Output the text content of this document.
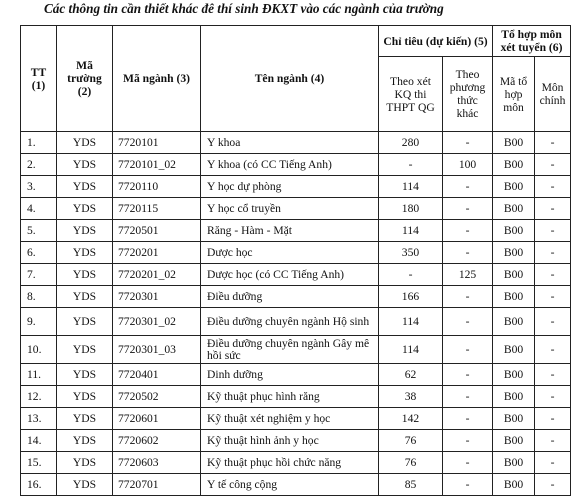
Các thông tin cần thiết khác đê thí sinh ĐKXT vào các ngành của trường
TT (1)	Mã trường (2)	Mã ngành (3)	Tên ngành (4)	Chỉ tiêu (dự kiến) (5)		Tổ hợp môn xét tuyển (6)	
				Theo xét KQ thi THPT QG	Theo phương thức khác	Mã tổ hợp môn	Môn chính
1.	YDS	7720101	Y khoa	280	-	B00	-
2.	YDS	7720101_02	Y khoa (có CC Tiếng Anh)	-	100	B00	-
3.	YDS	7720110	Y học dự phòng	114	-	B00	-
4.	YDS	7720115	Y học cổ truyền	180	-	B00	-
5.	YDS	7720501	Răng - Hàm - Mặt	114	-	B00	-
6.	YDS	7720201	Dược học	350	-	B00	-
7.	YDS	7720201_02	Dược học (có CC Tiếng Anh)	-	125	B00	-
8.	YDS	7720301	Điều dưỡng	166	-	B00	-
9.	YDS	7720301_02	Điều dưỡng chuyên ngành Hộ sinh	114	-	B00	-
10.	YDS	7720301_03	Điều dưỡng chuyên ngành Gây mê hồi sức	114	-	B00	-
11.	YDS	7720401	Dinh dưỡng	62	-	B00	-
12.	YDS	7720502	Kỹ thuật phục hình răng	38	-	B00	-
13.	YDS	7720601	Kỹ thuật xét nghiệm y học	142	-	B00	-
14.	YDS	7720602	Kỹ thuật hình ảnh y học	76	-	B00	-
15.	YDS	7720603	Kỹ thuật phục hồi chức năng	76	-	B00	-
16.	YDS	7720701	Y tế công cộng	85	-	B00	-
